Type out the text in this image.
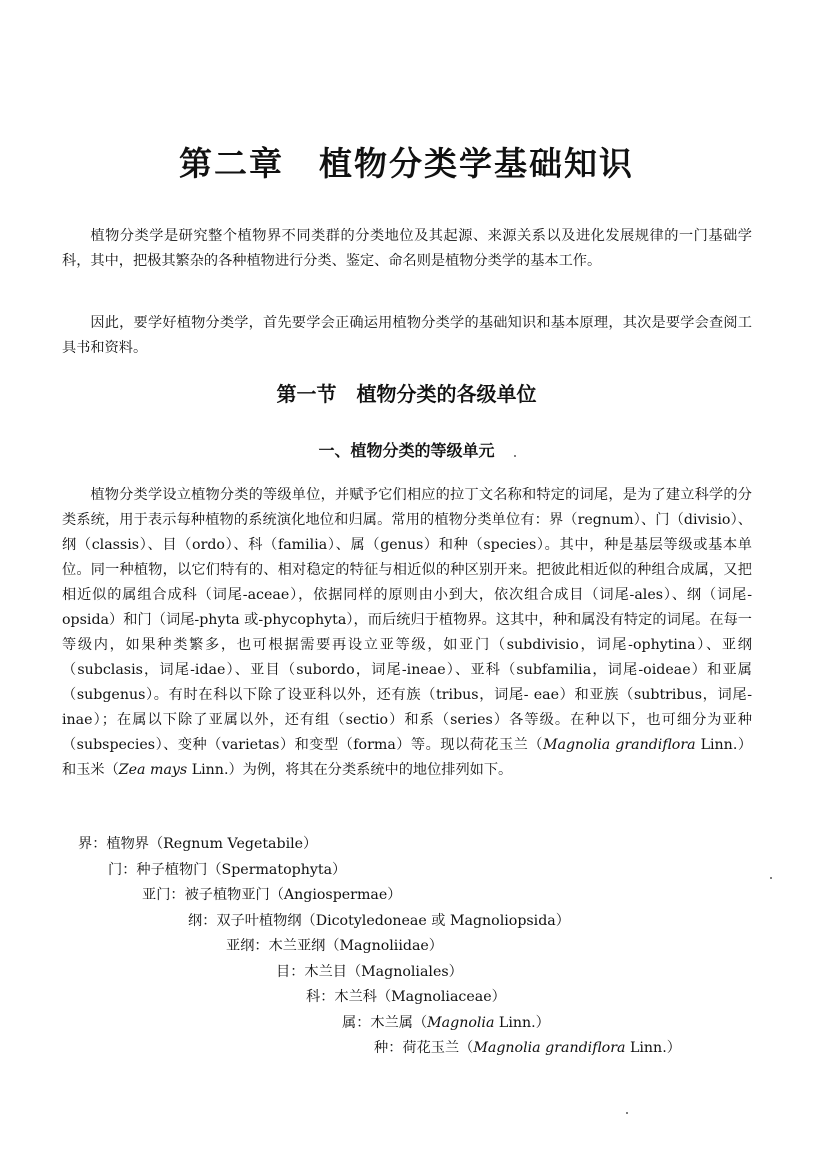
第二章　植物分类学基础知识

植物分类学是研究整个植物界不同类群的分类地位及其起源、来源关系以及进化发展规律的一门基础学科，其中，把极其繁杂的各种植物进行分类、鉴定、命名则是植物分类学的基本工作。

因此，要学好植物分类学，首先要学会正确运用植物分类学的基础知识和基本原理，其次是要学会查阅工具书和资料。

第一节　植物分类的各级单位
一、植物分类的等级单元

植物分类学设立植物分类的等级单位，并赋予它们相应的拉丁文名称和特定的词尾，是为了建立科学的分类系统，用于表示每种植物的系统演化地位和归属。常用的植物分类单位有：界（regnum）、门（divisio）、纲（classis）、目（ordo）、科（familia）、属（genus）和种（species）。其中，种是基层等级或基本单位。同一种植物，以它们特有的、相对稳定的特征与相近似的种区别开来。把彼此相近似的种组合成属，又把相近似的属组合成科（词尾-aceae），依据同样的原则由小到大，依次组合成目（词尾-ales）、纲（词尾-opsida）和门（词尾-phyta 或-phycophyta），而后统归于植物界。这其中，种和属没有特定的词尾。在每一等级内，如果种类繁多，也可根据需要再设立亚等级，如亚门（subdivisio，词尾-ophytina）、亚纲（subclasis，词尾-idae）、亚目（subordo，词尾-ineae）、亚科（subfamilia，词尾-oideae）和亚属（subgenus）。有时在科以下除了设亚科以外，还有族（tribus，词尾- eae）和亚族（subtribus，词尾-inae）；在属以下除了亚属以外，还有组（sectio）和系（series）各等级。在种以下，也可细分为亚种（subspecies）、变种（varietas）和变型（forma）等。现以荷花玉兰（Magnolia grandiflora Linn.）和玉米（Zea mays Linn.）为例，将其在分类系统中的地位排列如下。

界：植物界（Regnum Vegetabile）
门：种子植物门（Spermatophyta）
亚门：被子植物亚门（Angiospermae）
纲：双子叶植物纲（Dicotyledoneae 或 Magnoliopsida）
亚纲：木兰亚纲（Magnoliidae）
目：木兰目（Magnoliales）
科：木兰科（Magnoliaceae）
属：木兰属（Magnolia Linn.）
种：荷花玉兰（Magnolia grandiflora Linn.）
